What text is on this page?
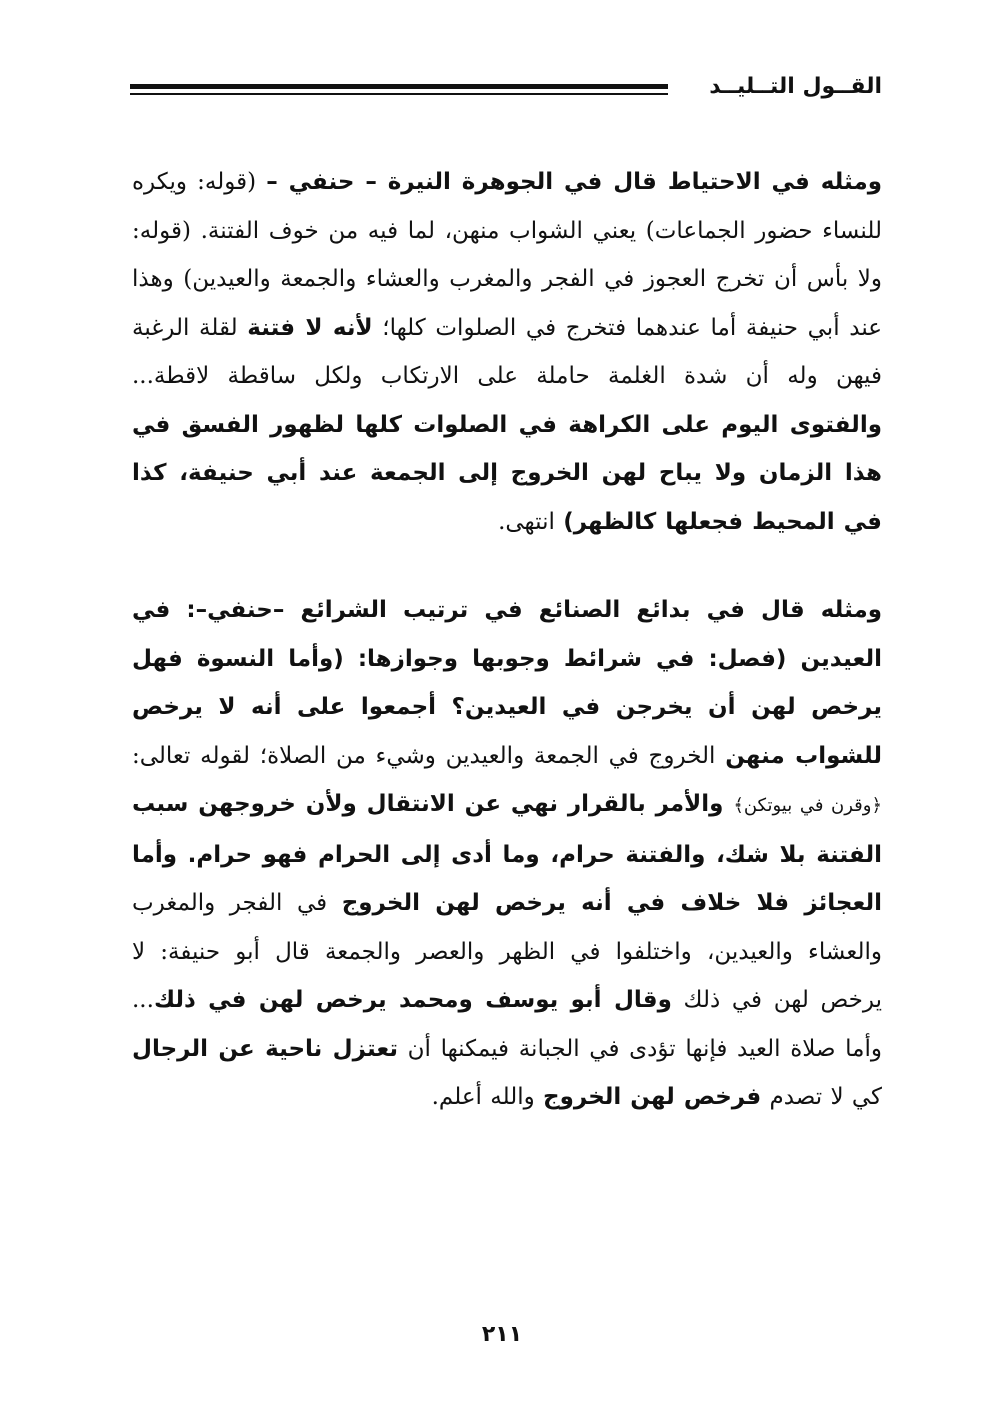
القــول التــليــد

ومثله في الاحتياط قال في الجوهرة النيرة – حنفي – (قوله: ويكره للنساء حضور الجماعات) يعني الشواب منهن، لما فيه من خوف الفتنة. (قوله: ولا بأس أن تخرج العجوز في الفجر والمغرب والعشاء والجمعة والعيدين) وهذا عند أبي حنيفة أما عندهما فتخرج في الصلوات كلها؛ لأنه لا فتنة لقلة الرغبة فيهن وله أن شدة الغلمة حاملة على الارتكاب ولكل ساقطة لاقطة... والفتوى اليوم على الكراهة في الصلوات كلها لظهور الفسق في هذا الزمان ولا يباح لهن الخروج إلى الجمعة عند أبي حنيفة، كذا في المحيط فجعلها كالظهر) انتهى.

ومثله قال في بدائع الصنائع في ترتيب الشرائع –حنفي–: في العيدين (فصل: في شرائط وجوبها وجوازها: (وأما النسوة فهل يرخص لهن أن يخرجن في العيدين؟ أجمعوا على أنه لا يرخص للشواب منهن الخروج في الجمعة والعيدين وشيء من الصلاة؛ لقوله تعالى: ﴿وقرن في بيوتكن﴾ والأمر بالقرار نهي عن الانتقال ولأن خروجهن سبب الفتنة بلا شك، والفتنة حرام، وما أدى إلى الحرام فهو حرام. وأما العجائز فلا خلاف في أنه يرخص لهن الخروج في الفجر والمغرب والعشاء والعيدين، واختلفوا في الظهر والعصر والجمعة قال أبو حنيفة: لا يرخص لهن في ذلك وقال أبو يوسف ومحمد يرخص لهن في ذلك... وأما صلاة العيد فإنها تؤدى في الجبانة فيمكنها أن تعتزل ناحية عن الرجال كي لا تصدم فرخص لهن الخروج والله أعلم.

٢١١
